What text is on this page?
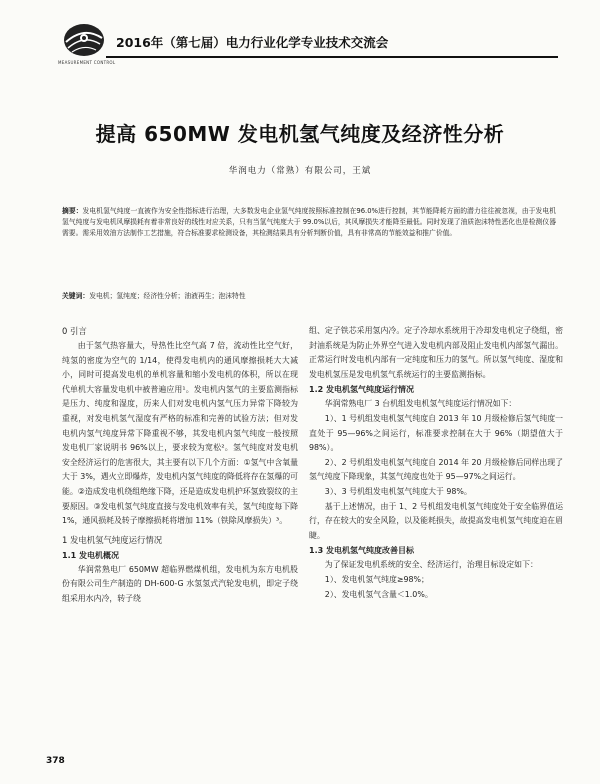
MEASUREMENT CONTROL
2016年（第七届）电力行业化学专业技术交流会
提高 650MW 发电机氢气纯度及经济性分析
华润电力（常熟）有限公司，王斌
摘要：发电机氢气纯度一直被作为安全性指标进行治理，大多数发电企业氢气纯度按照标准控制在96.0%进行控制，其节能降耗方面的潜力往往被忽视，由于发电机氢气纯度与发电机风摩损耗有着非常良好的线性对应关系，只有当氢气纯度大于 99.0%以后，其风摩损失才能降至最低。同时发现了油质泡沫特性恶化也是检测仪器需要。需采用效油方法制作工艺措施，符合标准要求检测设备，其检测结果具有分析判断价值，具有非常高的节能效益和推广价值。
关键词：发电机；氢纯度；经济性分析；油液再生；泡沫特性
0 引言

由于氢气热容量大，导热性比空气高 7 倍，流动性比空气好，纯氢的密度为空气的 1/14，使得发电机内的通风摩擦损耗大大减小，同时可提高发电机的单机容量和缩小发电机的体积，所以在现代单机大容量发电机中被普遍应用¹。发电机内氢气的主要监测指标是压力、纯度和湿度，历来人们对发电机内氢气压力异常下降较为重视，对发电机氢气湿度有严格的标准和完善的试验方法；但对发电机内氢气纯度异常下降重视不够，其发电机内氢气纯度一般按照发电机厂家说明书 96%以上，要求较为宽松²。氢气纯度对发电机安全经济运行的危害很大，其主要有以下几个方面：①氢气中含氧量大于 3%，遇火立即爆炸，发电机内氢气纯度的降低将存在氢爆的可能。②造成发电机绕组绝缘下降，还是造成发电机护环氢致裂纹的主要原因。③发电机氢气纯度直接与发电机效率有关，氢气纯度每下降 1%，通风损耗及转子摩擦损耗将增加 11%（铁除风摩损失）³。

1 发电机氢气纯度运行情况
1.1 发电机概况

华润常熟电厂 650MW 超临界燃煤机组，发电机为东方电机股份有限公司生产制造的 DH-600-G 水氢氢式汽轮发电机，即定子绕组采用水内冷，转子绕

组、定子铁芯采用氢内冷。定子冷却水系统用于冷却发电机定子绕组，密封油系统是为防止外界空气进入发电机内部及阻止发电机内部氢气漏出。正常运行时发电机内部有一定纯度和压力的氢气。所以氢气纯度、湿度和发电机氢压是发电机氢气系统运行的主要监测指标。

1.2 发电机氢气纯度运行情况

华润常熟电厂 3 台机组发电机氢气纯度运行情况如下：

1）、1 号机组发电机氢气纯度自 2013 年 10 月级检修后氢气纯度一直处于 95—96%之间运行，标准要求控制在大于 96%（期望值大于 98%）。

2）、2 号机组发电机氢气纯度自 2014 年 20 月级检修后同样出现了氢气纯度下降现象，其氢气纯度也处于 95—97%之间运行。

3）、3 号机组发电机氢气纯度大于 98%。

基于上述情况，由于 1、2 号机组发电机氢气纯度处于安全临界值运行，存在较大的安全风险，以及能耗损失，故提高发电机氢气纯度迫在眉睫。

1.3 发电机氢气纯度改善目标

为了保证发电机系统的安全、经济运行，治理目标设定如下：

1）、发电机氢气纯度≥98%；

2）、发电机氢气含量＜1.0%。

378
